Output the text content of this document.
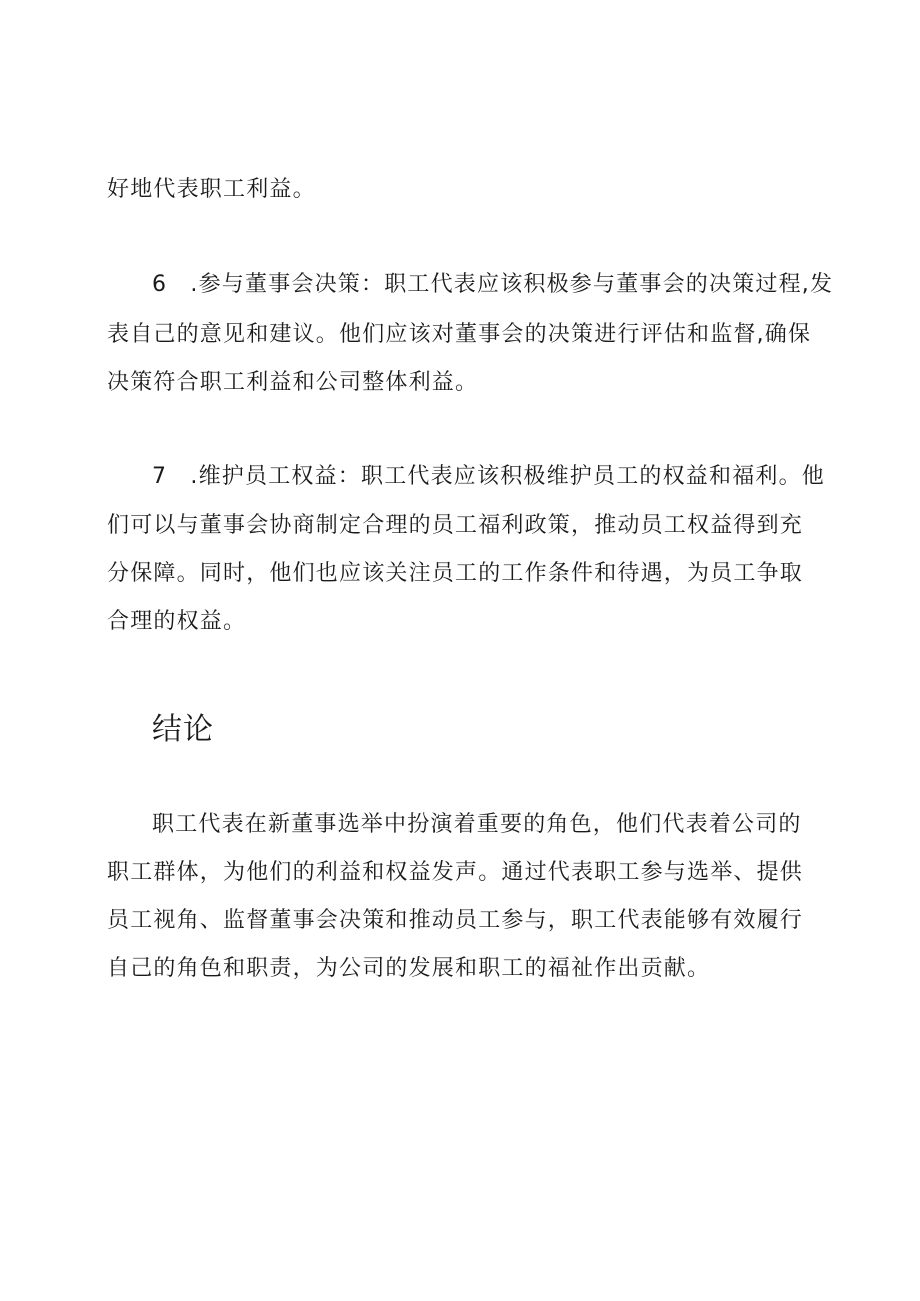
好地代表职工利益。
6　.参与董事会决策：职工代表应该积极参与董事会的决策过程,发
表自己的意见和建议。他们应该对董事会的决策进行评估和监督,确保
决策符合职工利益和公司整体利益。
7　.维护员工权益：职工代表应该积极维护员工的权益和福利。他
们可以与董事会协商制定合理的员工福利政策，推动员工权益得到充
分保障。同时，他们也应该关注员工的工作条件和待遇，为员工争取
合理的权益。
结论
职工代表在新董事选举中扮演着重要的角色，他们代表着公司的
职工群体，为他们的利益和权益发声。通过代表职工参与选举、提供
员工视角、监督董事会决策和推动员工参与，职工代表能够有效履行
自己的角色和职责，为公司的发展和职工的福祉作出贡献。
